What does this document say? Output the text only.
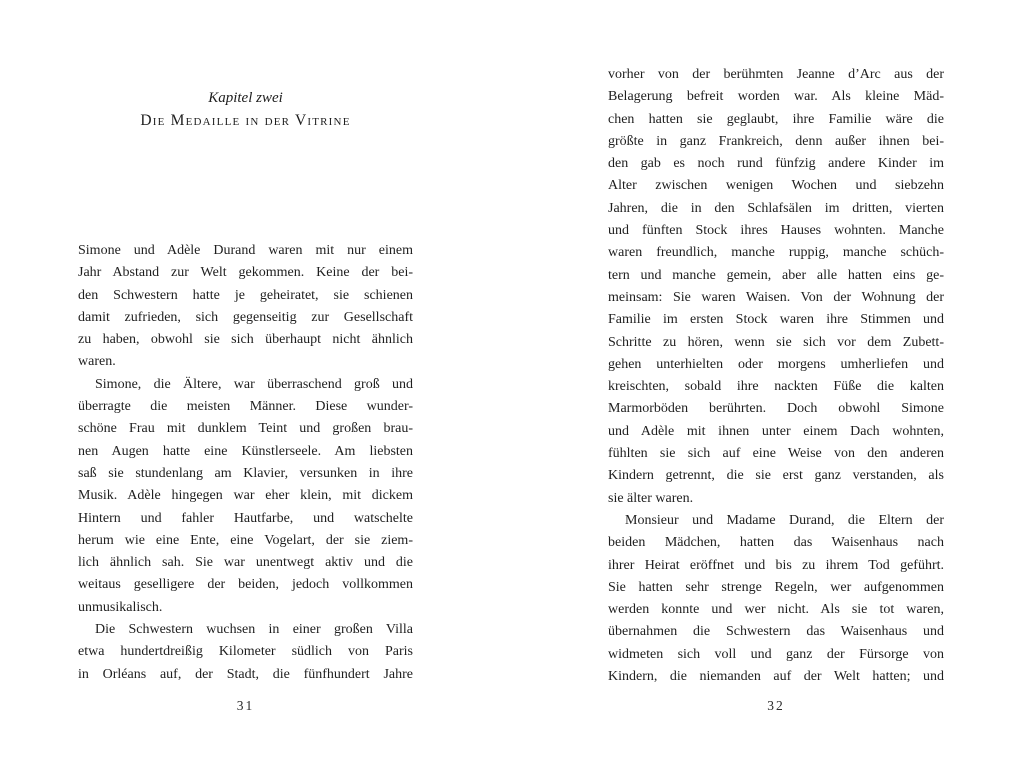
Kapitel zwei
Die Medaille in der Vitrine
Simone und Adèle Durand waren mit nur einem
Jahr Abstand zur Welt gekommen. Keine der bei-
den Schwestern hatte je geheiratet, sie schienen
damit zufrieden, sich gegenseitig zur Gesellschaft
zu haben, obwohl sie sich überhaupt nicht ähnlich
waren.
Simone, die Ältere, war überraschend groß und
überragte die meisten Männer. Diese wunder-
schöne Frau mit dunklem Teint und großen brau-
nen Augen hatte eine Künstlerseele. Am liebsten
saß sie stundenlang am Klavier, versunken in ihre
Musik. Adèle hingegen war eher klein, mit dickem
Hintern und fahler Hautfarbe, und watschelte
herum wie eine Ente, eine Vogelart, der sie ziem-
lich ähnlich sah. Sie war unentwegt aktiv und die
weitaus geselligere der beiden, jedoch vollkommen
unmusikalisch.
Die Schwestern wuchsen in einer großen Villa
etwa hundertdreißig Kilometer südlich von Paris
in Orléans auf, der Stadt, die fünfhundert Jahre
31
vorher von der berühmten Jeanne d’Arc aus der
Belagerung befreit worden war. Als kleine Mäd-
chen hatten sie geglaubt, ihre Familie wäre die
größte in ganz Frankreich, denn außer ihnen bei-
den gab es noch rund fünfzig andere Kinder im
Alter zwischen wenigen Wochen und siebzehn
Jahren, die in den Schlafsälen im dritten, vierten
und fünften Stock ihres Hauses wohnten. Manche
waren freundlich, manche ruppig, manche schüch-
tern und manche gemein, aber alle hatten eins ge-
meinsam: Sie waren Waisen. Von der Wohnung der
Familie im ersten Stock waren ihre Stimmen und
Schritte zu hören, wenn sie sich vor dem Zubett-
gehen unterhielten oder morgens umherliefen und
kreischten, sobald ihre nackten Füße die kalten
Marmorböden berührten. Doch obwohl Simone
und Adèle mit ihnen unter einem Dach wohnten,
fühlten sie sich auf eine Weise von den anderen
Kindern getrennt, die sie erst ganz verstanden, als
sie älter waren.
Monsieur und Madame Durand, die Eltern der
beiden Mädchen, hatten das Waisenhaus nach
ihrer Heirat eröffnet und bis zu ihrem Tod geführt.
Sie hatten sehr strenge Regeln, wer aufgenommen
werden konnte und wer nicht. Als sie tot waren,
übernahmen die Schwestern das Waisenhaus und
widmeten sich voll und ganz der Fürsorge von
Kindern, die niemanden auf der Welt hatten; und
32
